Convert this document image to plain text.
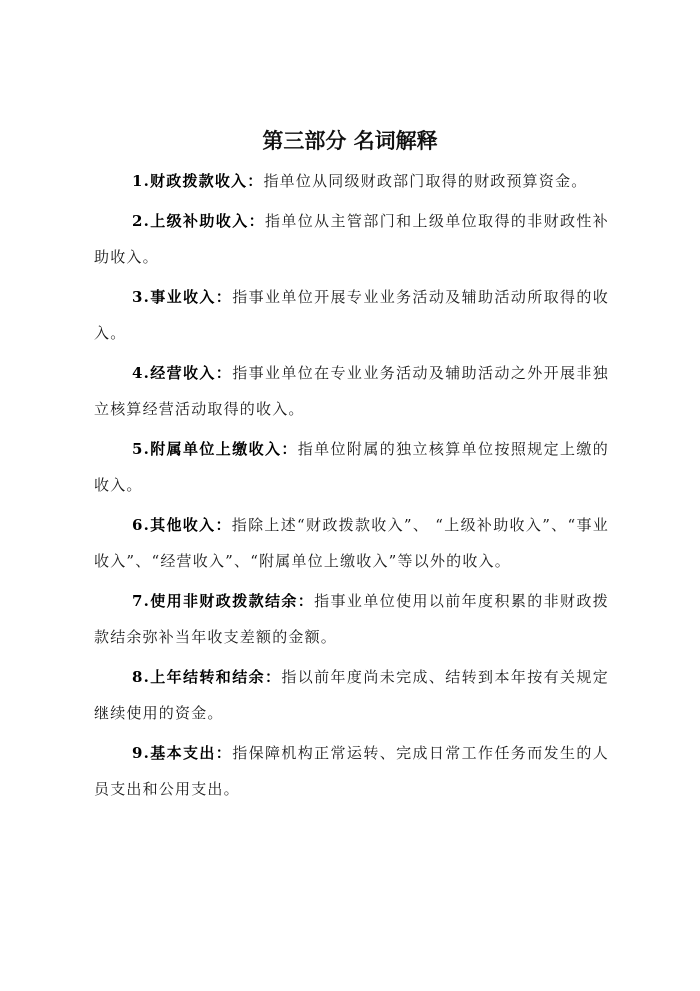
第三部分 名词解释

1.财政拨款收入：指单位从同级财政部门取得的财政预算资金。

2.上级补助收入：指单位从主管部门和上级单位取得的非财政性补助收入。

3.事业收入：指事业单位开展专业业务活动及辅助活动所取得的收入。

4.经营收入：指事业单位在专业业务活动及辅助活动之外开展非独立核算经营活动取得的收入。

5.附属单位上缴收入：指单位附属的独立核算单位按照规定上缴的收入。

6.其他收入：指除上述“财政拨款收入”、 “上级补助收入”、“事业收入”、“经营收入”、“附属单位上缴收入”等以外的收入。

7.使用非财政拨款结余：指事业单位使用以前年度积累的非财政拨款结余弥补当年收支差额的金额。

8.上年结转和结余：指以前年度尚未完成、结转到本年按有关规定继续使用的资金。

9.基本支出：指保障机构正常运转、完成日常工作任务而发生的人员支出和公用支出。
